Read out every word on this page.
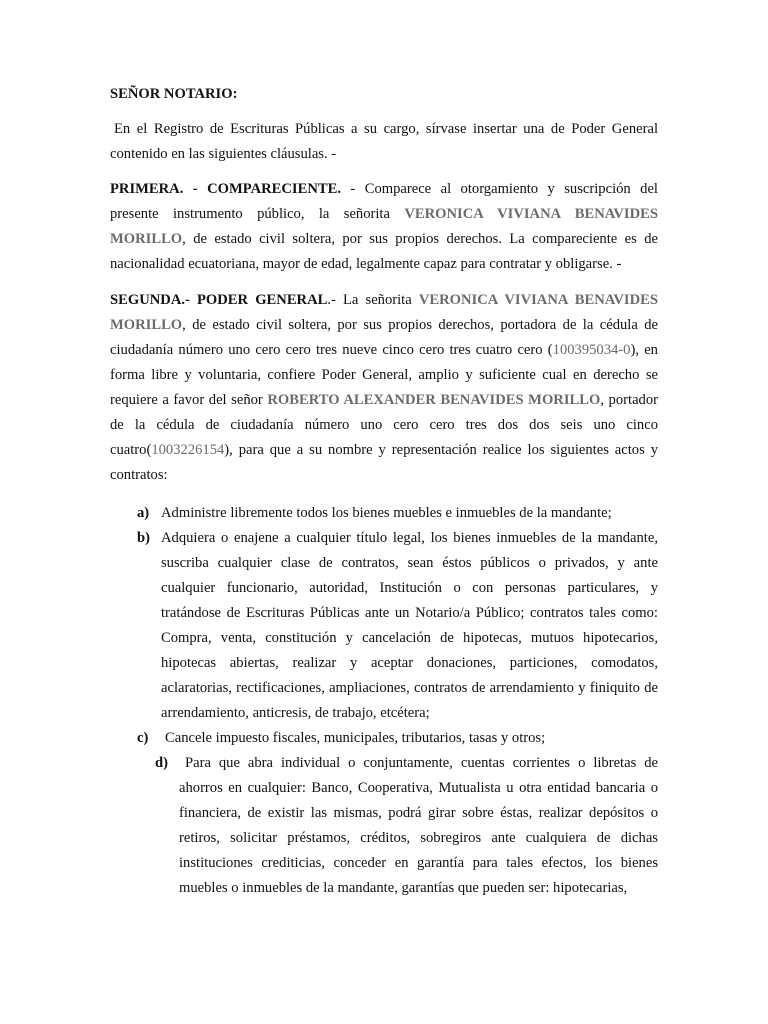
SEÑOR NOTARIO:

En el Registro de Escrituras Públicas a su cargo, sírvase insertar una de Poder General contenido en las siguientes cláusulas. -

PRIMERA. - COMPARECIENTE. - Comparece al otorgamiento y suscripción del presente instrumento público, la señorita VERONICA VIVIANA BENAVIDES MORILLO, de estado civil soltera, por sus propios derechos. La compareciente es de nacionalidad ecuatoriana, mayor de edad, legalmente capaz para contratar y obligarse. -

SEGUNDA.- PODER GENERAL.- La señorita VERONICA VIVIANA BENAVIDES MORILLO, de estado civil soltera, por sus propios derechos, portadora de la cédula de ciudadanía número uno cero cero tres nueve cinco cero tres cuatro cero (100395034-0), en forma libre y voluntaria, confiere Poder General, amplio y suficiente cual en derecho se requiere a favor del señor ROBERTO ALEXANDER BENAVIDES MORILLO, portador de la cédula de ciudadanía número uno cero cero tres dos dos seis uno cinco cuatro(1003226154), para que a su nombre y representación realice los siguientes actos y contratos:

a) Administre libremente todos los bienes muebles e inmuebles de la mandante;
b) Adquiera o enajene a cualquier título legal, los bienes inmuebles de la mandante, suscriba cualquier clase de contratos, sean éstos públicos o privados, y ante cualquier funcionario, autoridad, Institución o con personas particulares, y tratándose de Escrituras Públicas ante un Notario/a Público; contratos tales como: Compra, venta, constitución y cancelación de hipotecas, mutuos hipotecarios, hipotecas abiertas, realizar y aceptar donaciones, particiones, comodatos, aclaratorias, rectificaciones, ampliaciones, contratos de arrendamiento y finiquito de arrendamiento, anticresis, de trabajo, etcétera;
c) Cancele impuesto fiscales, municipales, tributarios, tasas y otros;
d) Para que abra individual o conjuntamente, cuentas corrientes o libretas de ahorros en cualquier: Banco, Cooperativa, Mutualista u otra entidad bancaria o financiera, de existir las mismas, podrá girar sobre éstas, realizar depósitos o retiros, solicitar préstamos, créditos, sobregiros ante cualquiera de dichas instituciones crediticias, conceder en garantía para tales efectos, los bienes muebles o inmuebles de la mandante, garantías que pueden ser: hipotecarias,
